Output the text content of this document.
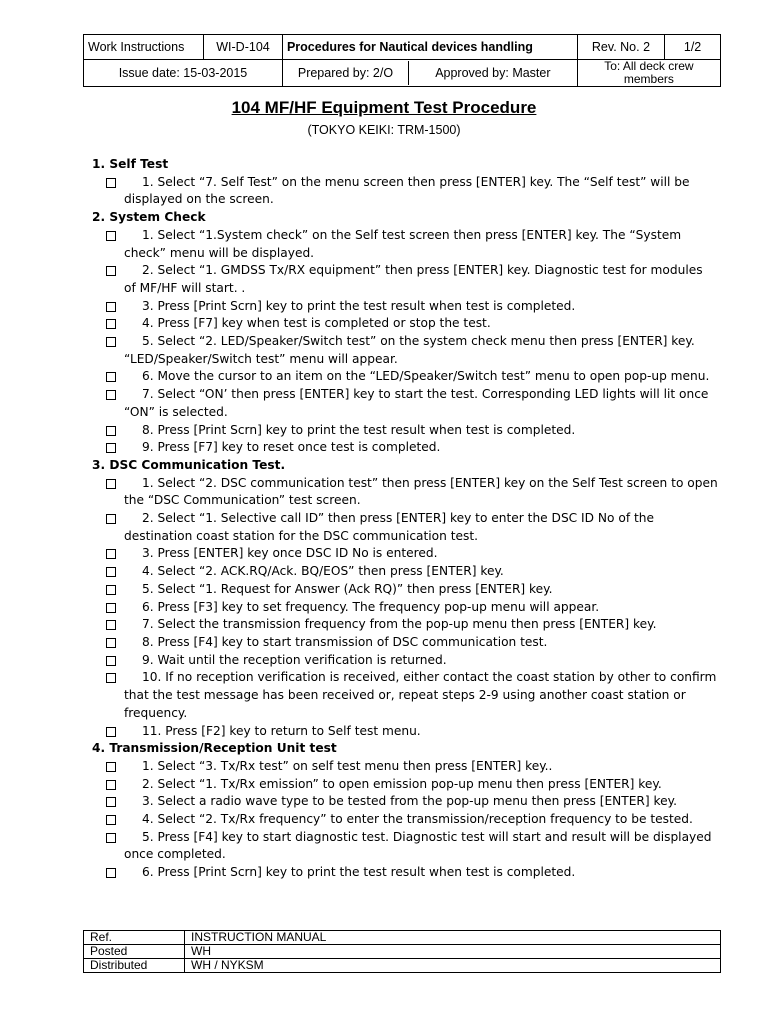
Work Instructions	WI-D-104	Procedures for Nautical devices handling	Rev. No. 2	1/2
Issue date: 15-03-2015		Prepared by: 2/O Approved by: Master	To: All deck crew members	
104 MF/HF Equipment Test Procedure
(TOKYO KEIKI: TRM-1500)

1. Self Test

1. Select “7. Self Test” on the menu screen then press [ENTER] key. The “Self test” will be displayed on the screen.

2. System Check

1. Select “1.System check” on the Self test screen then press [ENTER] key. The “System check” menu will be displayed.

2. Select “1. GMDSS Tx/RX equipment” then press [ENTER] key. Diagnostic test for modules of MF/HF will start. .

3. Press [Print Scrn] key to print the test result when test is completed.

4. Press [F7] key when test is completed or stop the test.

5. Select “2. LED/Speaker/Switch test” on the system check menu then press [ENTER] key. “LED/Speaker/Switch test” menu will appear.

6. Move the cursor to an item on the “LED/Speaker/Switch test” menu to open pop-up menu.

7. Select “ON’ then press [ENTER] key to start the test. Corresponding LED lights will lit once “ON” is selected.

8. Press [Print Scrn] key to print the test result when test is completed.

9. Press [F7] key to reset once test is completed.

3. DSC Communication Test.

1. Select “2. DSC communication test” then press [ENTER] key on the Self Test screen to open the “DSC Communication” test screen.

2. Select “1. Selective call ID” then press [ENTER] key to enter the DSC ID No of the destination coast station for the DSC communication test.

3. Press [ENTER] key once DSC ID No is entered.

4. Select “2. ACK.RQ/Ack. BQ/EOS” then press [ENTER] key.

5. Select “1. Request for Answer (Ack RQ)” then press [ENTER] key.

6. Press [F3] key to set frequency. The frequency pop-up menu will appear.

7. Select the transmission frequency from the pop-up menu then press [ENTER] key.

8. Press [F4] key to start transmission of DSC communication test.

9. Wait until the reception verification is returned.

10. If no reception verification is received, either contact the coast station by other to confirm that the test message has been received or, repeat steps 2-9 using another coast station or frequency.

11. Press [F2] key to return to Self test menu.

4. Transmission/Reception Unit test

1. Select “3. Tx/Rx test” on self test menu then press [ENTER] key..

2. Select “1. Tx/Rx emission” to open emission pop-up menu then press [ENTER] key.

3. Select a radio wave type to be tested from the pop-up menu then press [ENTER] key.

4. Select “2. Tx/Rx frequency” to enter the transmission/reception frequency to be tested.

5. Press [F4] key to start diagnostic test. Diagnostic test will start and result will be displayed once completed.

6. Press [Print Scrn] key to print the test result when test is completed.

Ref.	INSTRUCTION MANUAL
Posted	WH
Distributed	WH / NYKSM
